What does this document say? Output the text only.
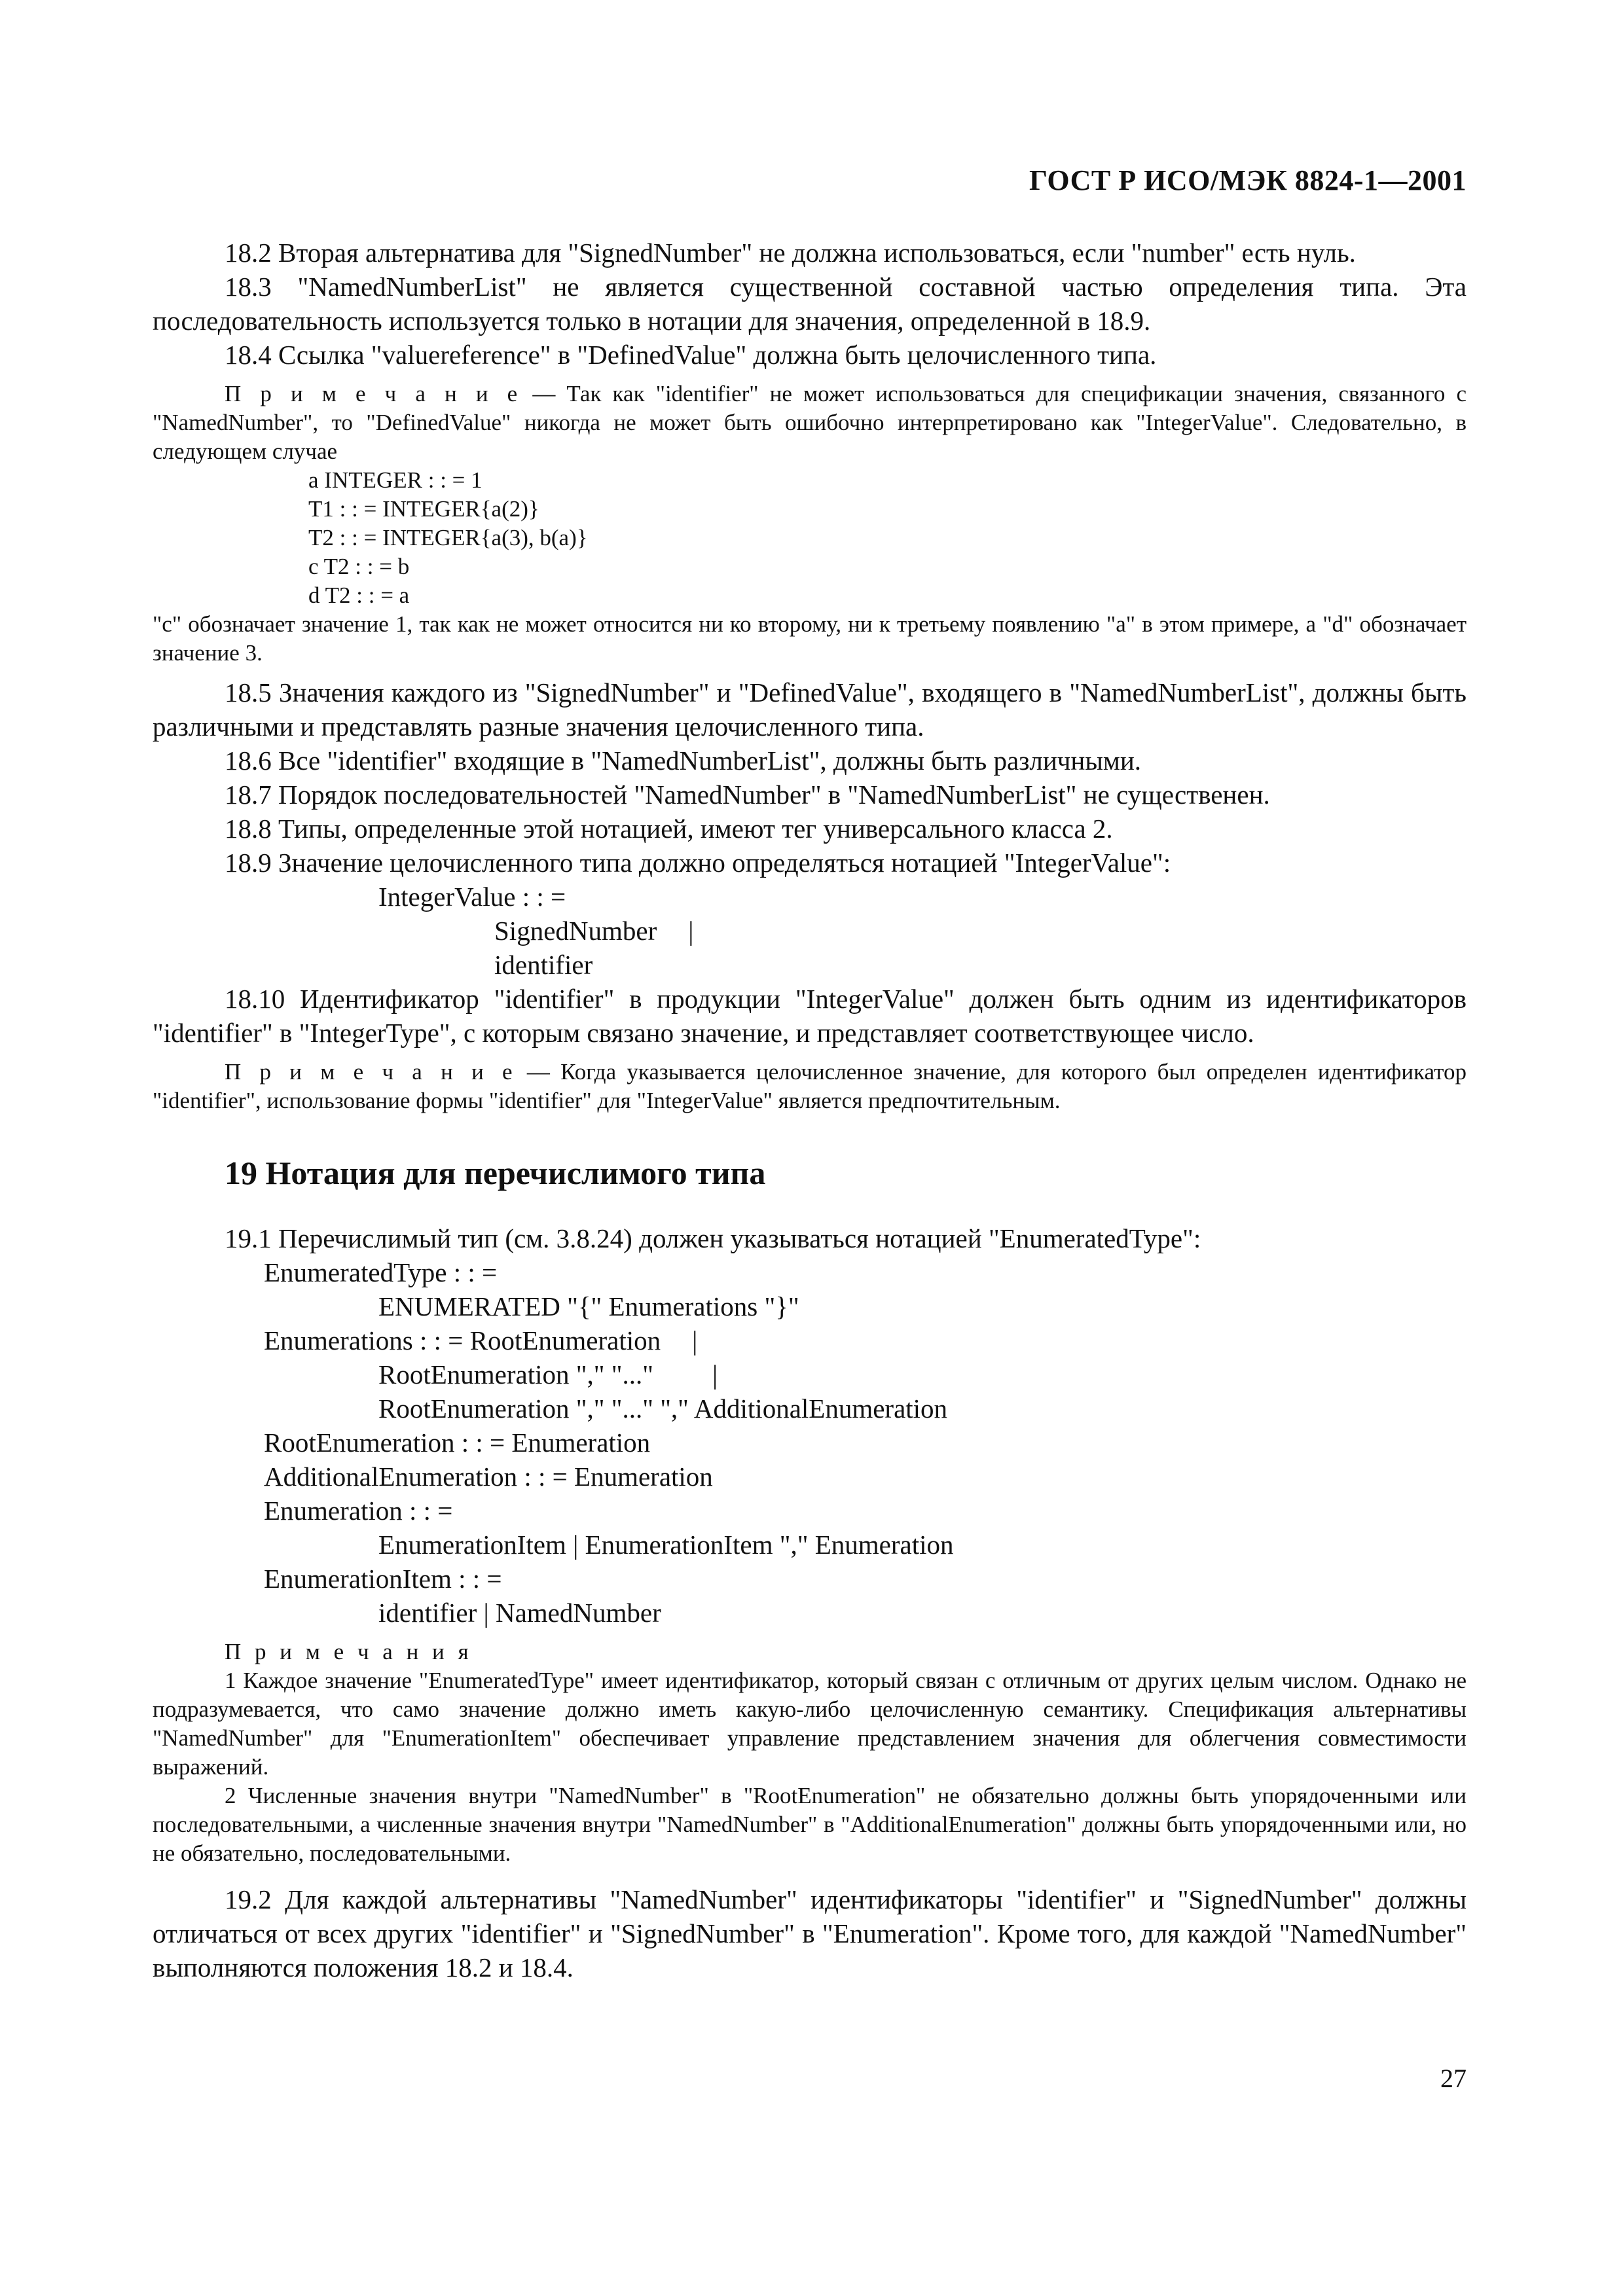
ГОСТ Р ИСО/МЭК 8824-1—2001

18.2 Вторая альтернатива для "SignedNumber" не должна использоваться, если "number" есть нуль.

18.3 "NamedNumberList" не является существенной составной частью определения типа. Эта последовательность используется только в нотации для значения, определенной в 18.9.

18.4 Ссылка "valuereference" в "DefinedValue" должна быть целочисленного типа.

П р и м е ч а н и е — Так как "identifier" не может использоваться для спецификации значения, связанного с "NamedNumber", то "DefinedValue" никогда не может быть ошибочно интерпретировано как "IntegerValue". Следовательно, в следующем случае

a INTEGER : : = 1
T1 : : = INTEGER{a(2)}
T2 : : = INTEGER{a(3), b(a)}
c T2 : : = b
d T2 : : = a

"c" обозначает значение 1, так как не может относится ни ко второму, ни к третьему появлению "a" в этом примере, а "d" обозначает значение 3.

18.5 Значения каждого из "SignedNumber" и "DefinedValue", входящего в "NamedNumberList", должны быть различными и представлять разные значения целочисленного типа.

18.6 Все "identifier" входящие в "NamedNumberList", должны быть различными.

18.7 Порядок последовательностей "NamedNumber" в "NamedNumberList" не существенен.

18.8 Типы, определенные этой нотацией, имеют тег универсального класса 2.

18.9 Значение целочисленного типа должно определяться нотацией "IntegerValue":

IntegerValue : : =
SignedNumber |
identifier

18.10 Идентификатор "identifier" в продукции "IntegerValue" должен быть одним из идентификаторов "identifier" в "IntegerType", с которым связано значение, и представляет соответствующее число.

П р и м е ч а н и е — Когда указывается целочисленное значение, для которого был определен идентификатор "identifier", использование формы "identifier" для "IntegerValue" является предпочтительным.

19 Нотация для перечислимого типа

19.1 Перечислимый тип (см. 3.8.24) должен указываться нотацией "EnumeratedType":

EnumeratedType : : =
ENUMERATED "{" Enumerations "}"
Enumerations : : = RootEnumeration |
RootEnumeration "," "..." |
RootEnumeration "," "..." "," AdditionalEnumeration
RootEnumeration : : = Enumeration
AdditionalEnumeration : : = Enumeration
Enumeration : : =
EnumerationItem | EnumerationItem "," Enumeration
EnumerationItem : : =
identifier | NamedNumber

П р и м е ч а н и я

1 Каждое значение "EnumeratedType" имеет идентификатор, который связан с отличным от других целым числом. Однако не подразумевается, что само значение должно иметь какую-либо целочисленную семантику. Спецификация альтернативы "NamedNumber" для "EnumerationItem" обеспечивает управление представлением значения для облегчения совместимости выражений.

2 Численные значения внутри "NamedNumber" в "RootEnumeration" не обязательно должны быть упорядоченными или последовательными, а численные значения внутри "NamedNumber" в "AdditionalEnumeration" должны быть упорядоченными или, но не обязательно, последовательными.

19.2 Для каждой альтернативы "NamedNumber" идентификаторы "identifier" и "SignedNumber" должны отличаться от всех других "identifier" и "SignedNumber" в "Enumeration". Кроме того, для каждой "NamedNumber" выполняются положения 18.2 и 18.4.

27
